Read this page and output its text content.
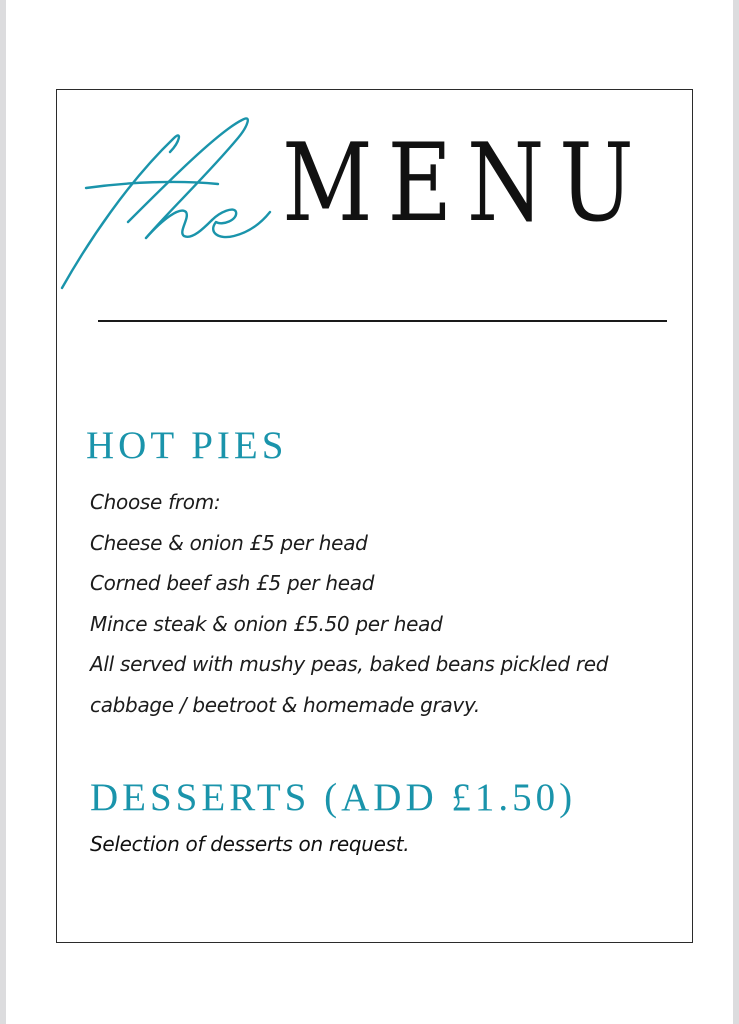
MENU
HOT PIES
Choose from:
Cheese & onion £5 per head
Corned beef ash £5 per head
Mince steak & onion £5.50 per head
All served with mushy peas, baked beans pickled red
cabbage / beetroot & homemade gravy.
DESSERTS (ADD £1.50)

Selection of desserts on request.
